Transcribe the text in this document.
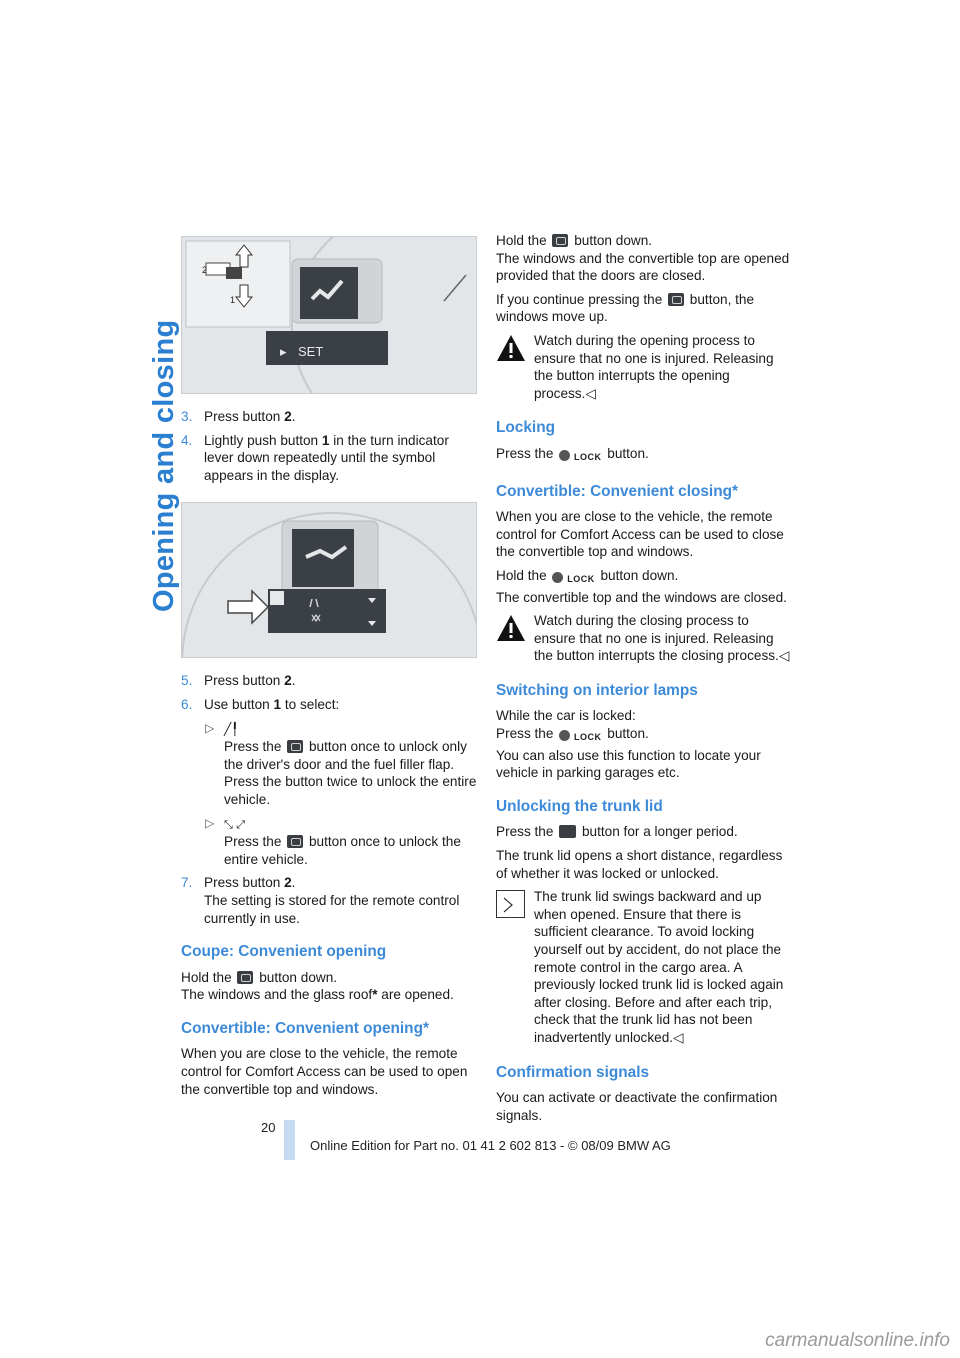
Opening and closing
2
1
▸ SET
3. Press button 2.
4. Lightly push button 1 in the turn indicator lever down repeatedly until the symbol appears in the display.
5. Press button 2.
6. Use button 1 to select:
▷ ╱╿
Press the  button once to unlock only the driver's door and the fuel filler flap. Press the button twice to unlock the entire vehicle.
▷ ⤡ ⤢
Press the  button once to unlock the entire vehicle.
7. Press button 2.
The setting is stored for the remote control currently in use.
Coupe: Convenient opening

Hold the  button down.
The windows and the glass roof* are opened.

Convertible: Convenient opening*

When you are close to the vehicle, the remote control for Comfort Access can be used to open the convertible top and windows.

Hold the  button down.
The windows and the convertible top are opened provided that the doors are closed.

If you continue pressing the  button, the windows move up.

Watch during the opening process to ensure that no one is injured. Releasing the button interrupts the opening process.◁
Locking

Press the  LOCK button.

Convertible: Convenient closing*

When you are close to the vehicle, the remote control for Comfort Access can be used to close the convertible top and windows.

Hold the  LOCK button down.
The convertible top and the windows are closed.

Watch during the closing process to ensure that no one is injured. Releasing the button interrupts the closing process.◁
Switching on interior lamps

While the car is locked:
Press the  LOCK button.
You can also use this function to locate your vehicle in parking garages etc.

Unlocking the trunk lid

Press the  button for a longer period.

The trunk lid opens a short distance, regardless of whether it was locked or unlocked.

The trunk lid swings backward and up when opened. Ensure that there is sufficient clearance. To avoid locking yourself out by accident, do not place the remote control in the cargo area. A previously locked trunk lid is locked again after closing. Before and after each trip, check that the trunk lid has not been inadvertently unlocked.◁
Confirmation signals

You can activate or deactivate the confirmation signals.

20
Online Edition for Part no. 01 41 2 602 813 - © 08/09 BMW AG
carmanualsonline.info
